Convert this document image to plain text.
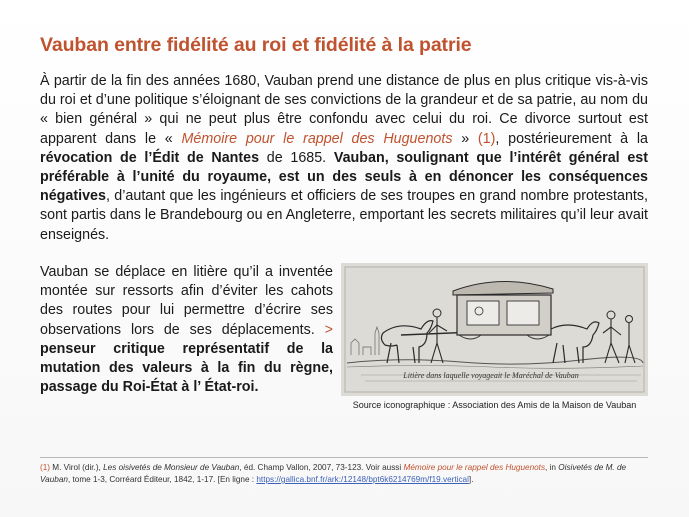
Vauban entre fidélité au roi et fidélité à la patrie
À partir de la fin des années 1680, Vauban prend une distance de plus en plus critique vis-à-vis du roi et d’une politique s’éloignant de ses convictions de la grandeur et de sa patrie, au nom du « bien général » qui ne peut plus être confondu avec celui du roi. Ce divorce surtout est apparent dans le « Mémoire pour le rappel des Huguenots » (1), postérieurement à la révocation de l’Édit de Nantes de 1685. Vauban, soulignant que l’intérêt général est préférable à l’unité du royaume, est un des seuls à en dénoncer les conséquences négatives, d’autant que les ingénieurs et officiers de ses troupes en grand nombre protestants, sont partis dans le Brandebourg ou en Angleterre, emportant les secrets militaires qu’il leur avait enseignés.
Vauban se déplace en litière qu’il a inventée montée sur ressorts afin d’éviter les cahots des routes pour lui permettre d’écrire ses observations lors de ses déplacements. > penseur critique représentatif de la mutation des valeurs à la fin du règne, passage du Roi-État à l’ État-roi.
Litière dans laquelle voyageait le Maréchal de Vauban
Source iconographique : Association des Amis de la Maison de Vauban
(1) M. Virol (dir.), Les oisivetés de Monsieur de Vauban, éd. Champ Vallon, 2007, 73-123. Voir aussi Mémoire pour le rappel des Huguenots, in Oisivetés de M. de Vauban, tome 1-3, Corréard Éditeur, 1842, 1-17. [En ligne : https://gallica.bnf.fr/ark:/12148/bpt6k6214769m/f19.vertical].
